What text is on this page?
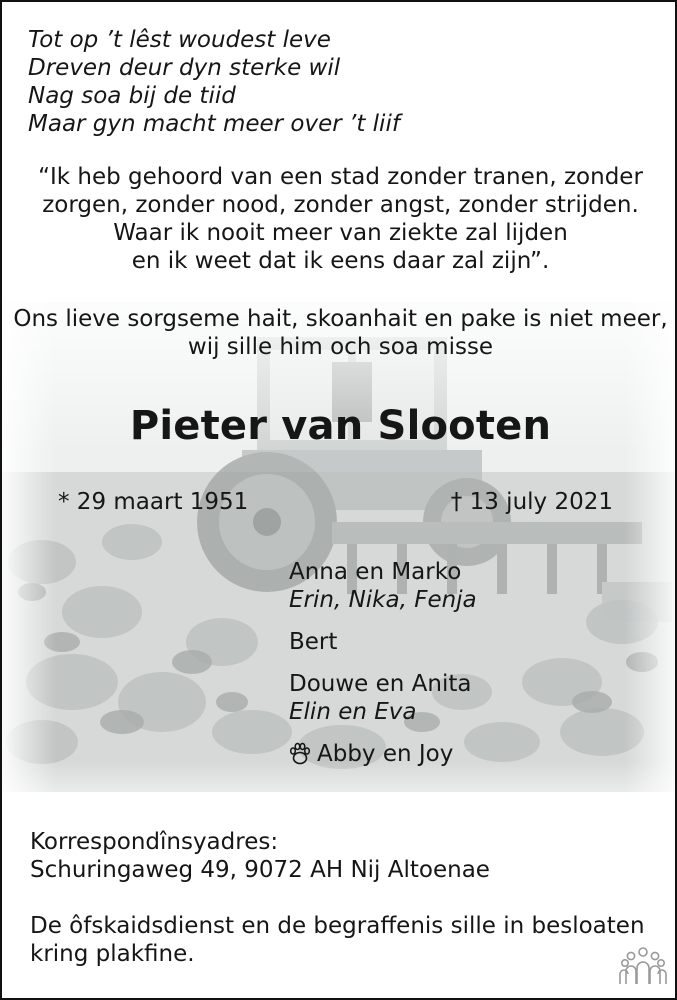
Tot op ’t lêst woudest leve
Dreven deur dyn sterke wil
Nag soa bij de tiid
Maar gyn macht meer over ’t liif
“Ik heb gehoord van een stad zonder tranen, zonder
zorgen, zonder nood, zonder angst, zonder strijden.
Waar ik nooit meer van ziekte zal lijden
en ik weet dat ik eens daar zal zijn”.
Ons lieve sorgseme hait, skoanhait en pake is niet meer,
wij sille him och soa misse
Pieter van Slooten
* 29 maart 1951	† 13 july 2021
Anna en Marko
Erin, Nika, Fenja
Bert
Douwe en Anita
Elin en Eva
Abby en Joy
Korrespondînsyadres:
Schuringaweg 49, 9072 AH Nij Altoenae
De ôfskaidsdienst en de begraffenis sille in besloaten kring plakfine.
